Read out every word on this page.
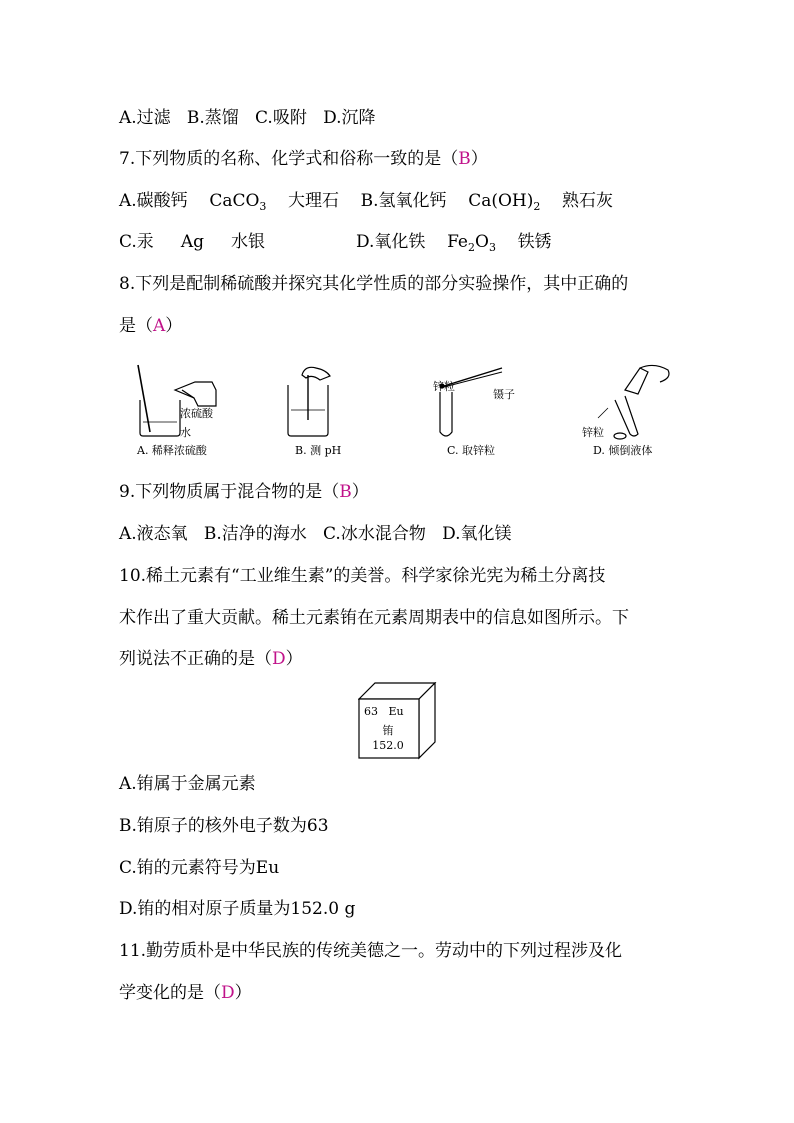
A.过滤 B.蒸馏 C.吸附 D.沉降
7.下列物质的名称、化学式和俗称一致的是（B）
A.碳酸钙 CaCO$_3$ 大理石 B.氢氧化钙 $Ca(OH)_2$ 熟石灰
C.汞 Ag 水银	D.氧化铁 $Fe_2O_3$ 铁锈
8.下列是配制稀硫酸并探究其化学性质的部分实验操作，其中正确的
是（A）
浓硫酸
水
A. 稀释浓硫酸	B. 测 pH
锌粒
镊子
C. 取锌粒
锌粒
D. 倾倒液体
9.下列物质属于混合物的是（B）
A.液态氧 B.洁净的海水 C.冰水混合物 D.氧化镁
10.稀土元素有“工业维生素”的美誉。科学家徐光宪为稀土分离技
术作出了重大贡献。稀土元素铕在元素周期表中的信息如图所示。下
列说法不正确的是（D）
63 Eu
铕
152.0
A.铕属于金属元素
B.铕原子的核外电子数为63
C.铕的元素符号为Eu
D.铕的相对原子质量为152.0 g
11.勤劳质朴是中华民族的传统美德之一。劳动中的下列过程涉及化
学变化的是（D）
